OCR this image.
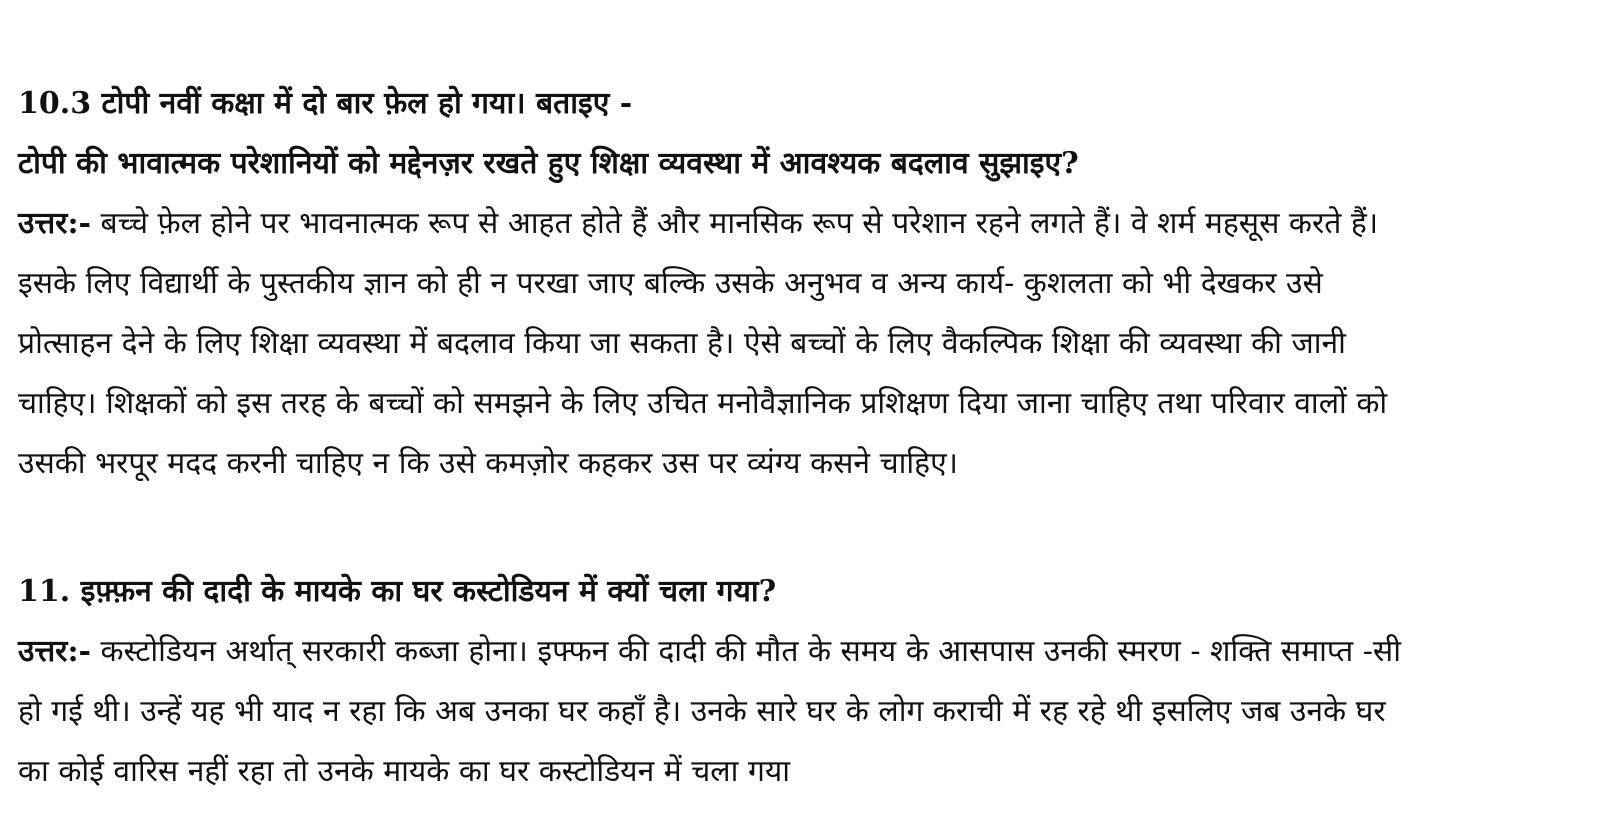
10.3 टोपी नवीं कक्षा में दो बार फ़ेल हो गया। बताइए -

टोपी की भावात्मक परेशानियों को मद्देनज़र रखते हुए शिक्षा व्यवस्था में आवश्यक बदलाव सुझाइए?

उत्तर:- बच्चे फ़ेल होने पर भावनात्मक रूप से आहत होते हैं और मानसिक रूप से परेशान रहने लगते हैं। वे शर्म महसूस करते हैं।

इसके लिए विद्यार्थी के पुस्तकीय ज्ञान को ही न परखा जाए बल्कि उसके अनुभव व अन्य कार्य- कुशलता को भी देखकर उसे

प्रोत्साहन देने के लिए शिक्षा व्यवस्था में बदलाव किया जा सकता है। ऐसे बच्चों के लिए वैकल्पिक शिक्षा की व्यवस्था की जानी

चाहिए। शिक्षकों को इस तरह के बच्चों को समझने के लिए उचित मनोवैज्ञानिक प्रशिक्षण दिया जाना चाहिए तथा परिवार वालों को

उसकी भरपूर मदद करनी चाहिए न कि उसे कमज़ोर कहकर उस पर व्यंग्य कसने चाहिए।

11. इफ़्फ़न की दादी के मायके का घर कस्टोडियन में क्यों चला गया?

उत्तर:- कस्टोडियन अर्थात् सरकारी कब्जा होना। इफ्फन की दादी की मौत के समय के आसपास उनकी स्मरण - शक्ति समाप्त -सी

हो गई थी। उन्हें यह भी याद न रहा कि अब उनका घर कहाँ है। उनके सारे घर के लोग कराची में रह रहे थी इसलिए जब उनके घर

का कोई वारिस नहीं रहा तो उनके मायके का घर कस्टोडियन में चला गया
